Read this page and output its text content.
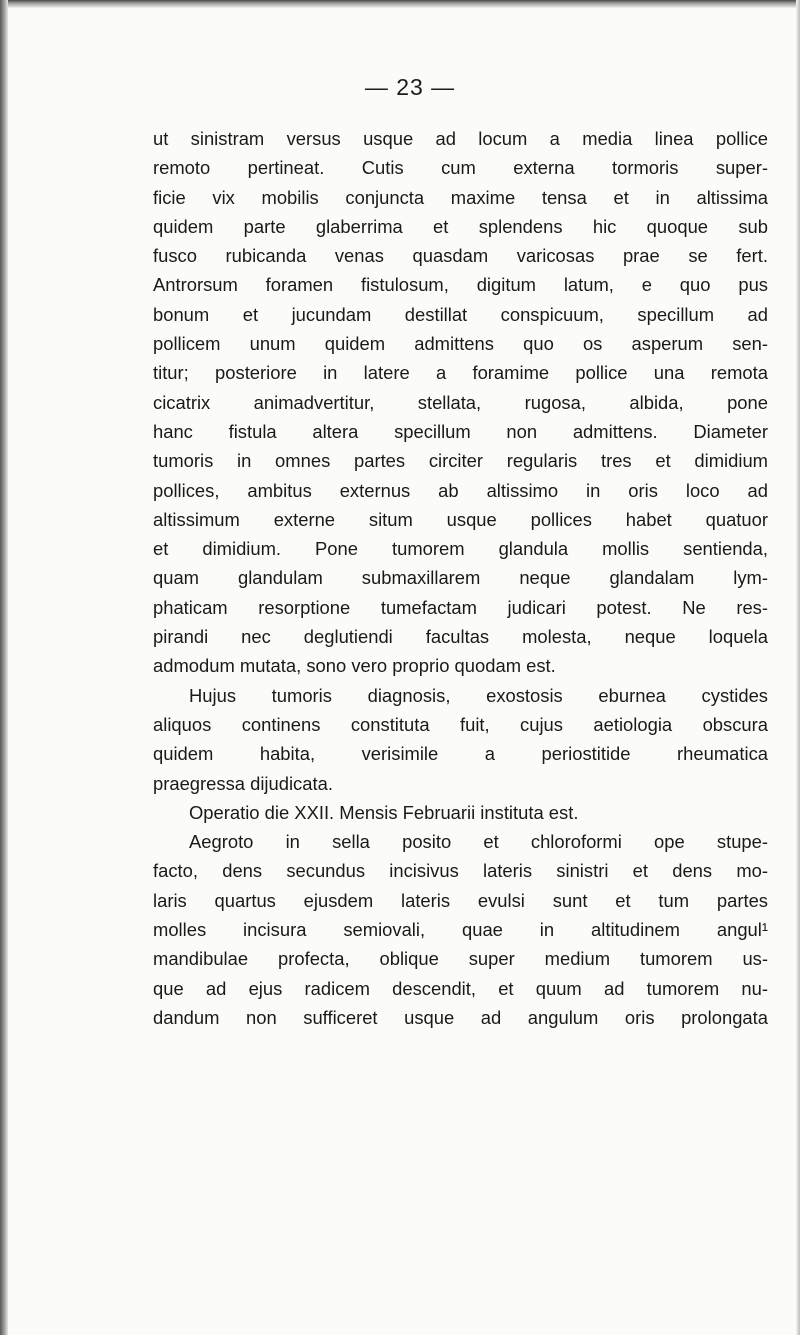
— 23 —
ut sinistram versus usque ad locum a media linea pollice
remoto pertineat. Cutis cum externa tormoris super-
ficie vix mobilis conjuncta maxime tensa et in altissima
quidem parte glaberrima et splendens hic quoque sub
fusco rubicanda venas quasdam varicosas prae se fert.
Antrorsum foramen fistulosum, digitum latum, e quo pus
bonum et jucundam destillat conspicuum, specillum ad
pollicem unum quidem admittens quo os asperum sen-
titur; posteriore in latere a foramime pollice una remota
cicatrix animadvertitur, stellata, rugosa, albida, pone
hanc fistula altera specillum non admittens. Diameter
tumoris in omnes partes circiter regularis tres et dimidium
pollices, ambitus externus ab altissimo in oris loco ad
altissimum externe situm usque pollices habet quatuor
et dimidium. Pone tumorem glandula mollis sentienda,
quam glandulam submaxillarem neque glandalam lym-
phaticam resorptione tumefactam judicari potest. Ne res-
pirandi nec deglutiendi facultas molesta, neque loquela
admodum mutata, sono vero proprio quodam est.
Hujus tumoris diagnosis, exostosis eburnea cystides
aliquos continens constituta fuit, cujus aetiologia obscura
quidem habita, verisimile a periostitide rheumatica
praegressa dijudicata.
Operatio die XXII. Mensis Februarii instituta est.
Aegroto in sella posito et chloroformi ope stupe-
facto, dens secundus incisivus lateris sinistri et dens mo-
laris quartus ejusdem lateris evulsi sunt et tum partes
molles incisura semiovali, quae in altitudinem angul¹
mandibulae profecta, oblique super medium tumorem us-
que ad ejus radicem descendit, et quum ad tumorem nu-
dandum non sufficeret usque ad angulum oris prolongata
